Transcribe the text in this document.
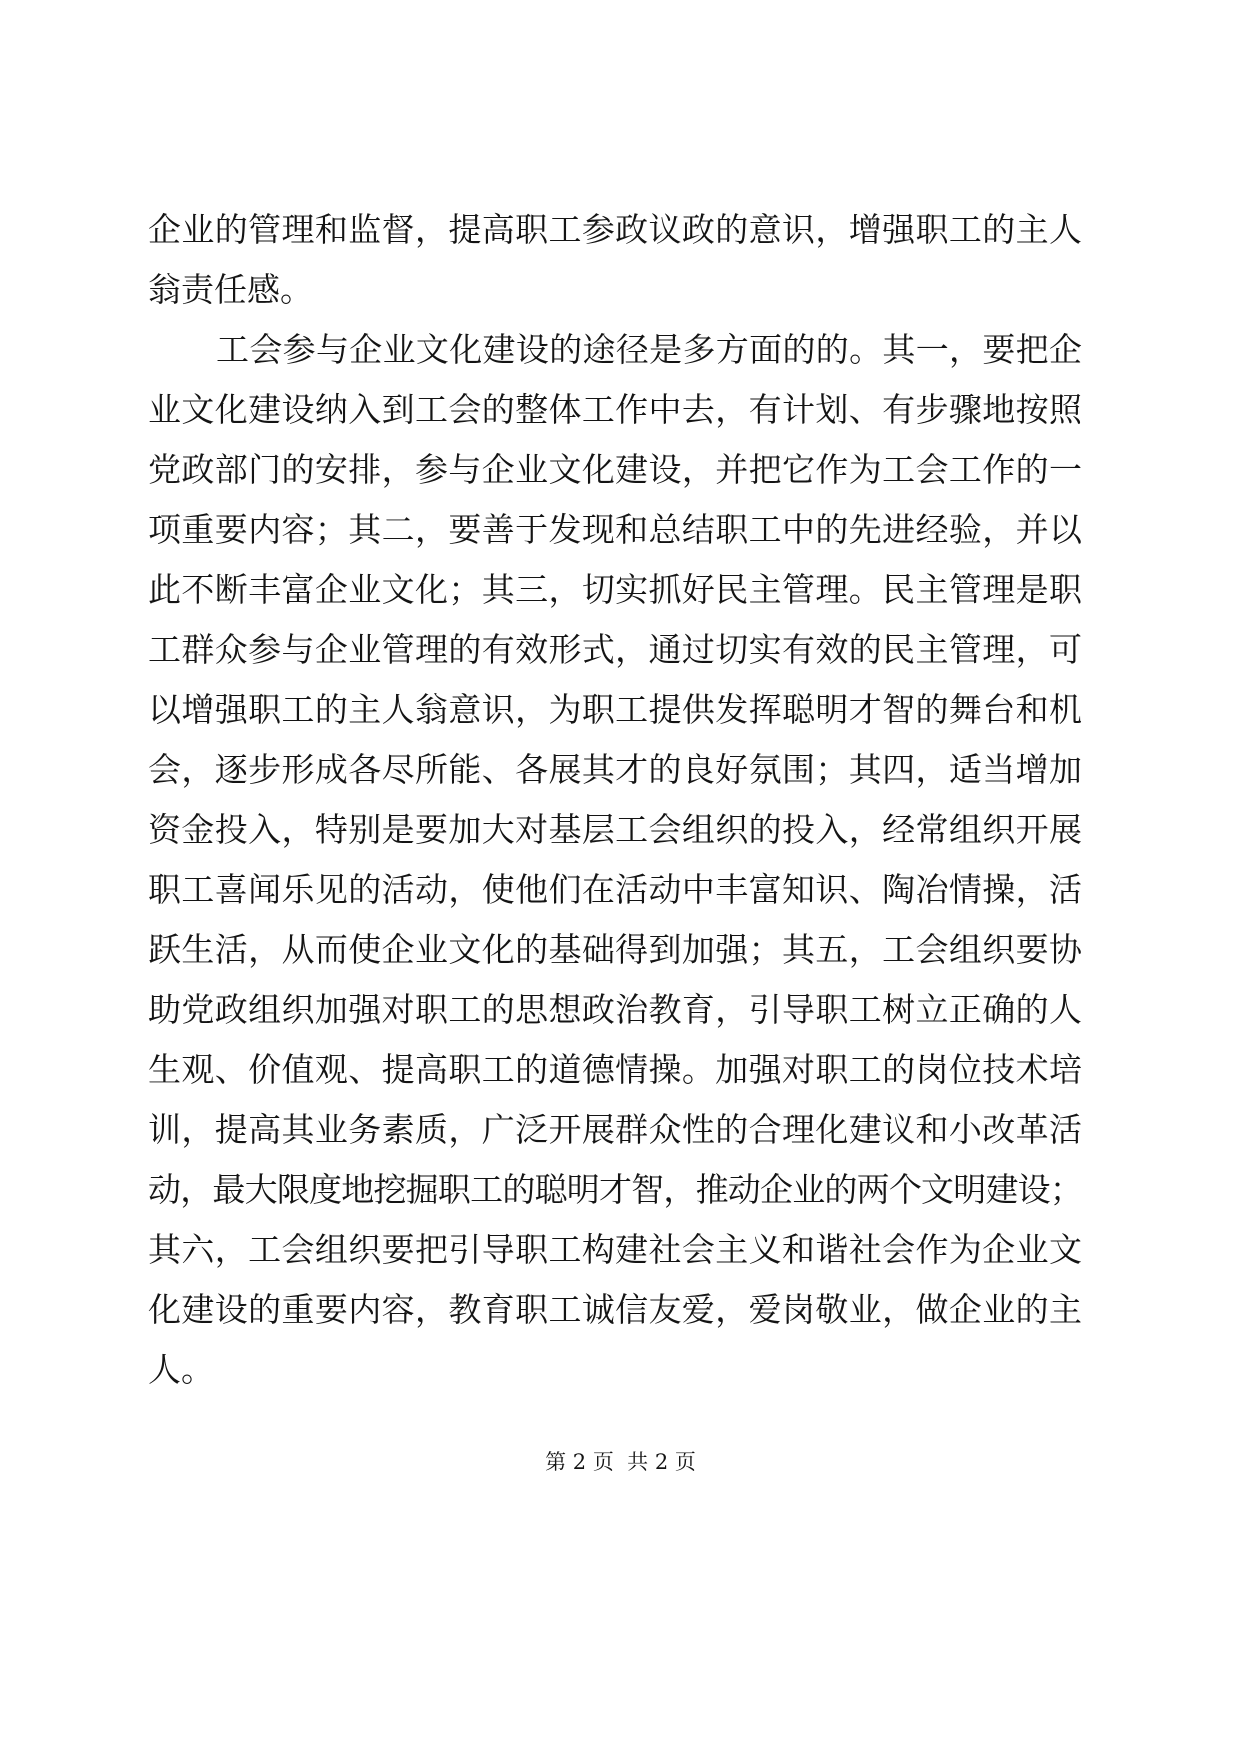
企业的管理和监督，提高职工参政议政的意识，增强职工的主人
翁责任感。
工会参与企业文化建设的途径是多方面的的。其一，要把企
业文化建设纳入到工会的整体工作中去，有计划、有步骤地按照
党政部门的安排，参与企业文化建设，并把它作为工会工作的一
项重要内容；其二，要善于发现和总结职工中的先进经验，并以
此不断丰富企业文化；其三，切实抓好民主管理。民主管理是职
工群众参与企业管理的有效形式，通过切实有效的民主管理，可
以增强职工的主人翁意识，为职工提供发挥聪明才智的舞台和机
会，逐步形成各尽所能、各展其才的良好氛围；其四，适当增加
资金投入，特别是要加大对基层工会组织的投入，经常组织开展
职工喜闻乐见的活动，使他们在活动中丰富知识、陶冶情操，活
跃生活，从而使企业文化的基础得到加强；其五，工会组织要协
助党政组织加强对职工的思想政治教育，引导职工树立正确的人
生观、价值观、提高职工的道德情操。加强对职工的岗位技术培
训，提高其业务素质，广泛开展群众性的合理化建议和小改革活
动，最大限度地挖掘职工的聪明才智，推动企业的两个文明建设；
其六，工会组织要把引导职工构建社会主义和谐社会作为企业文
化建设的重要内容，教育职工诚信友爱，爱岗敬业，做企业的主
人。
第 2 页  共 2 页
